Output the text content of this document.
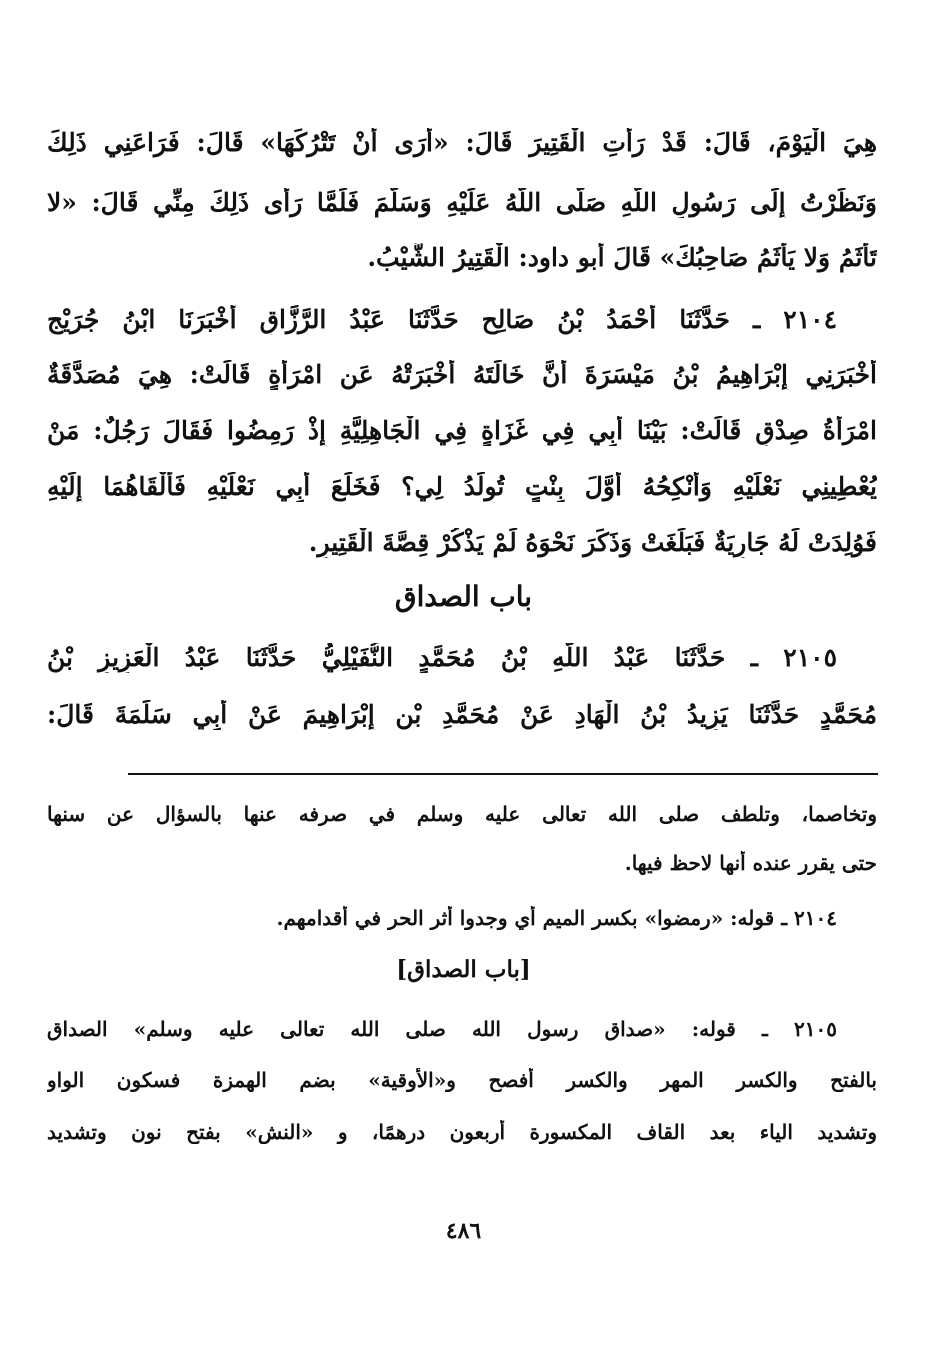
هِيَ الْيَوْمَ، قَالَ: قَدْ رَأَتِ الْقَتِيرَ قَالَ: «أَرَى أَنْ تَتْرُكَهَا» قَالَ: فَرَاعَنِي ذَلِكَ
وَنَظَرْتُ إِلَى رَسُولِ اللَّهِ صَلَّى اللَّهُ عَلَيْهِ وَسَلَّمَ فَلَمَّا رَأَى ذَلِكَ مِنِّي قَالَ: «لا
تَأْثَمُ وَلا يَأْثَمُ صَاحِبُكَ» قَالَ أبو داود: الْقَتِيرُ الشَّيْبُ.
٢١٠٤ ـ حَدَّثَنَا أَحْمَدُ بْنُ صَالِحٍ حَدَّثَنَا عَبْدُ الرَّزَّاقِ أَخْبَرَنَا ابْنُ جُرَيْجٍ
أَخْبَرَنِي إِبْرَاهِيمُ بْنُ مَيْسَرَةَ أَنَّ خَالَتَهُ أَخْبَرَتْهُ عَنِ امْرَأَةٍ قَالَتْ: هِيَ مُصَدَّقَةٌ
امْرَأَةُ صِدْقٍ قَالَتْ: بَيْنَا أَبِي فِي غَزَاةٍ فِي الْجَاهِلِيَّةِ إِذْ رَمِضُوا فَقَالَ رَجُلٌ: مَنْ
يُعْطِينِي نَعْلَيْهِ وَأُنْكِحُهُ أَوَّلَ بِنْتٍ تُولَدُ لِي؟ فَخَلَعَ أَبِي نَعْلَيْهِ فَأَلْقَاهُمَا إِلَيْهِ
فَوُلِدَتْ لَهُ جَارِيَةٌ فَبَلَغَتْ وَذَكَرَ نَحْوَهُ لَمْ يَذْكُرْ قِصَّةَ الْقَتِيرِ.
باب الصداق
٢١٠٥ ـ حَدَّثَنَا عَبْدُ اللَّهِ بْنُ مُحَمَّدٍ النُّفَيْلِيُّ حَدَّثَنَا عَبْدُ الْعَزِيزِ بْنُ
مُحَمَّدٍ حَدَّثَنَا يَزِيدُ بْنُ الْهَادِ عَنْ مُحَمَّدِ بْنِ إِبْرَاهِيمَ عَنْ أَبِي سَلَمَةَ قَالَ:
وتخاصما، وتلطف صلى الله تعالى عليه وسلم في صرفه عنها بالسؤال عن سنها
حتى يقرر عنده أنها لاحظ فيها.
٢١٠٤ ـ قوله: «رمضوا» بكسر الميم أي وجدوا أثر الحر في أقدامهم.
[باب الصداق]
٢١٠٥ ـ قوله: «صداق رسول الله صلى الله تعالى عليه وسلم» الصداق
بالفتح والكسر المهر والكسر أفصح و«الأوقية» بضم الهمزة فسكون الواو
وتشديد الياء بعد القاف المكسورة أربعون درهمًا، و «النش» بفتح نون وتشديد
٤٨٦
